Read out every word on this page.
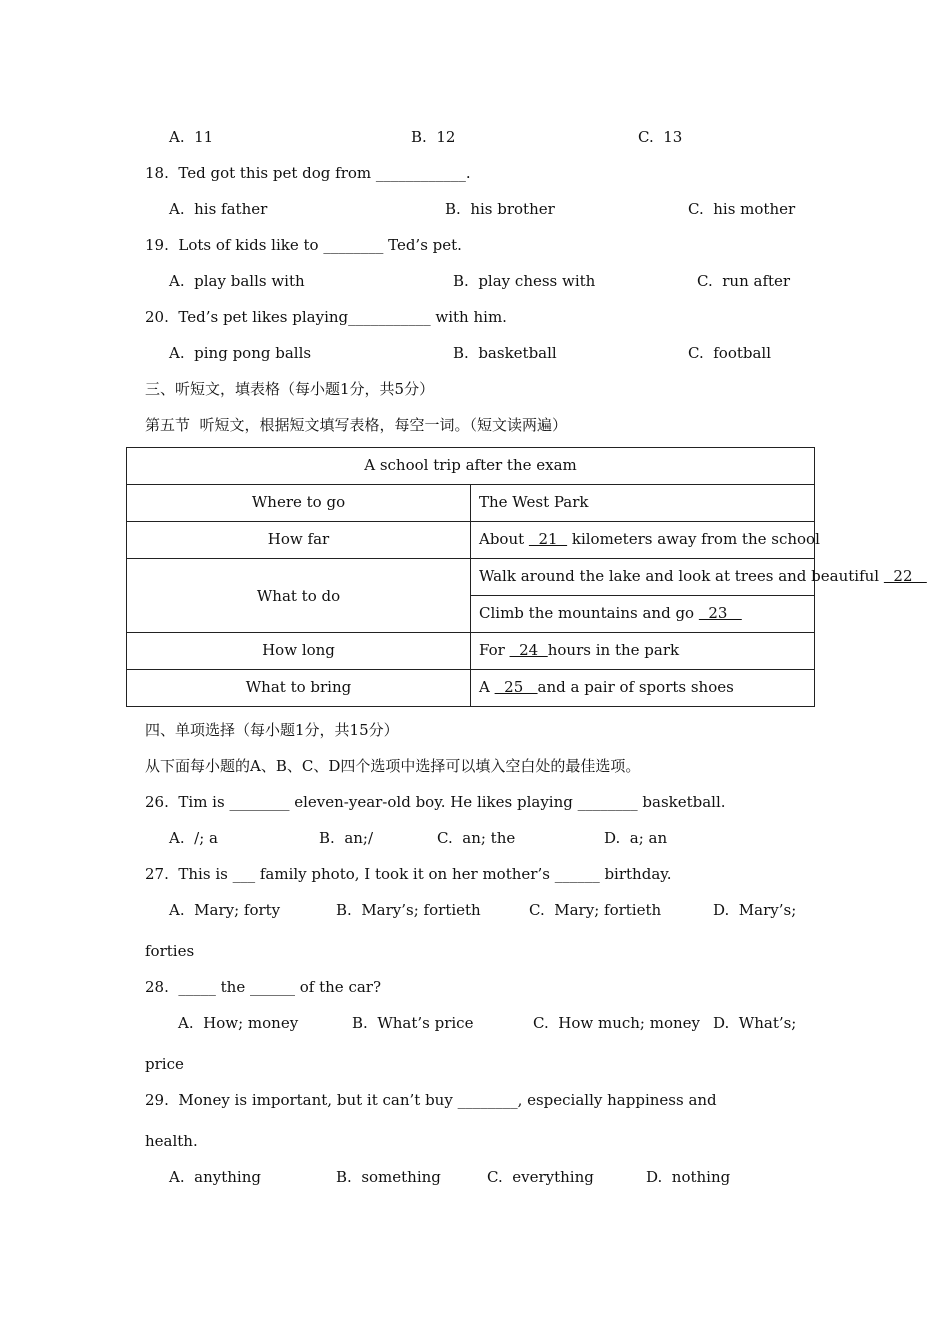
A.  11	B.  12	C.  13
18.  Ted got this pet dog from ____________.
A.  his father	B.  his brother	C.  his mother
19.  Lots of kids like to ________ Ted’s pet.
A.  play balls with	B.  play chess with	C.  run after
20.  Ted’s pet likes playing___________ with him.
A.  ping pong balls	B.  basketball	C.  football
三、听短文，填表格（每小题1分，共5分）
第五节  听短文，根据短文填写表格，每空一词。（短文读两遍）
A school trip after the exam	
Where to go	The West Park
How far	About   21   kilometers away from the school
What to do	Walk around the lake and look at trees and beautiful   22
	Climb the mountains and go   23
How long	For   24  hours in the park
What to bring	A   25   and a pair of sports shoes
四、单项选择（每小题1分，共15分）
从下面每小题的A、B、C、D四个选项中选择可以填入空白处的最佳选项。
26.  Tim is ________ eleven-year-old boy. He likes playing ________ basketball.
A.  /; a	B.  an;/	C.  an; the	D.  a; an
27.  This is ___ family photo, I took it on her mother’s ______ birthday.
A.  Mary; forty	B.  Mary’s; fortieth	C.  Mary; fortieth	D.  Mary’s;
forties
28.  _____ the ______ of the car?
A.  How; money	B.  What’s price	C.  How much; money D.  What’s;
price
29.  Money is important, but it can’t buy ________, especially happiness and
health.
A.  anything	B.  something	C.  everything	D.  nothing
